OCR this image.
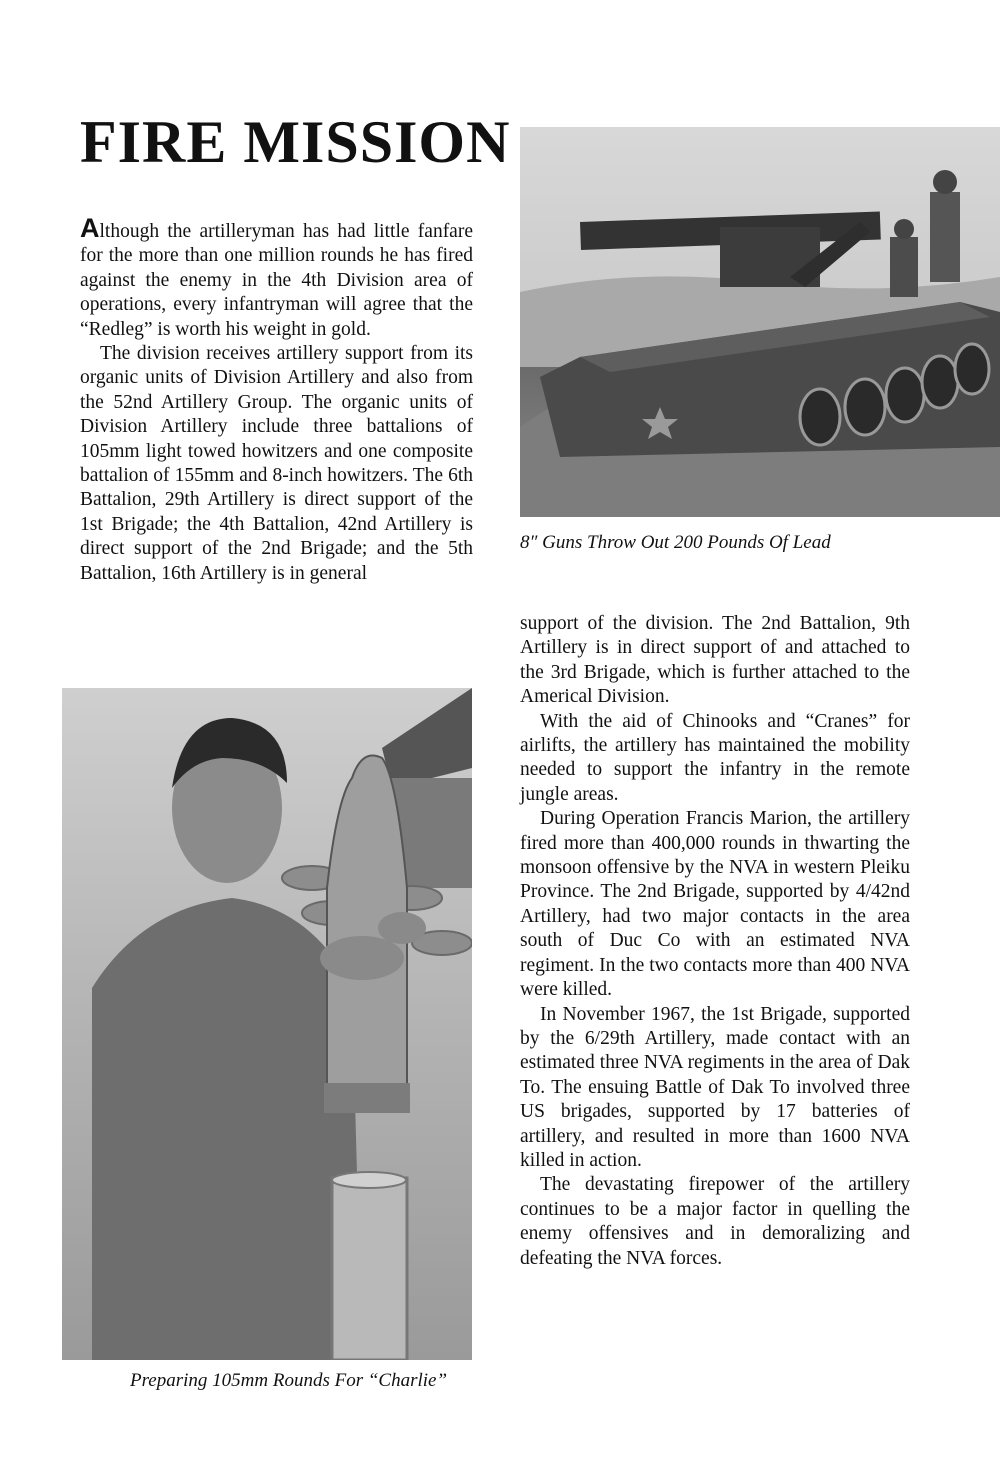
FIRE MISSION

Although the artilleryman has had little fanfare for the more than one million rounds he has fired against the enemy in the 4th Division area of operations, every infantryman will agree that the “Redleg” is worth his weight in gold.

The division receives artillery support from its organic units of Division Artillery and also from the 52nd Artillery Group. The organic units of Division Artillery include three battalions of 105mm light towed howitzers and one composite battalion of 155mm and 8-inch howitzers. The 6th Battalion, 29th Artillery is direct support of the 1st Brigade; the 4th Battalion, 42nd Artillery is direct support of the 2nd Brigade; and the 5th Battalion, 16th Artillery is in general

8″ Guns Throw Out 200 Pounds Of Lead
Preparing 105mm Rounds For “Charlie”

support of the division. The 2nd Battalion, 9th Artillery is in direct support of and attached to the 3rd Brigade, which is further attached to the Americal Division.

With the aid of Chinooks and “Cranes” for airlifts, the artillery has maintained the mobility needed to support the infantry in the remote jungle areas.

During Operation Francis Marion, the artillery fired more than 400,000 rounds in thwarting the monsoon offensive by the NVA in western Pleiku Province. The 2nd Brigade, supported by 4/42nd Artillery, had two major contacts in the area south of Duc Co with an estimated NVA regiment. In the two contacts more than 400 NVA were killed.

In November 1967, the 1st Brigade, supported by the 6/29th Artillery, made contact with an estimated three NVA regiments in the area of Dak To. The ensuing Battle of Dak To involved three US brigades, supported by 17 batteries of artillery, and resulted in more than 1600 NVA killed in action.

The devastating firepower of the artillery continues to be a major factor in quelling the enemy offensives and in demoralizing and defeating the NVA forces.
